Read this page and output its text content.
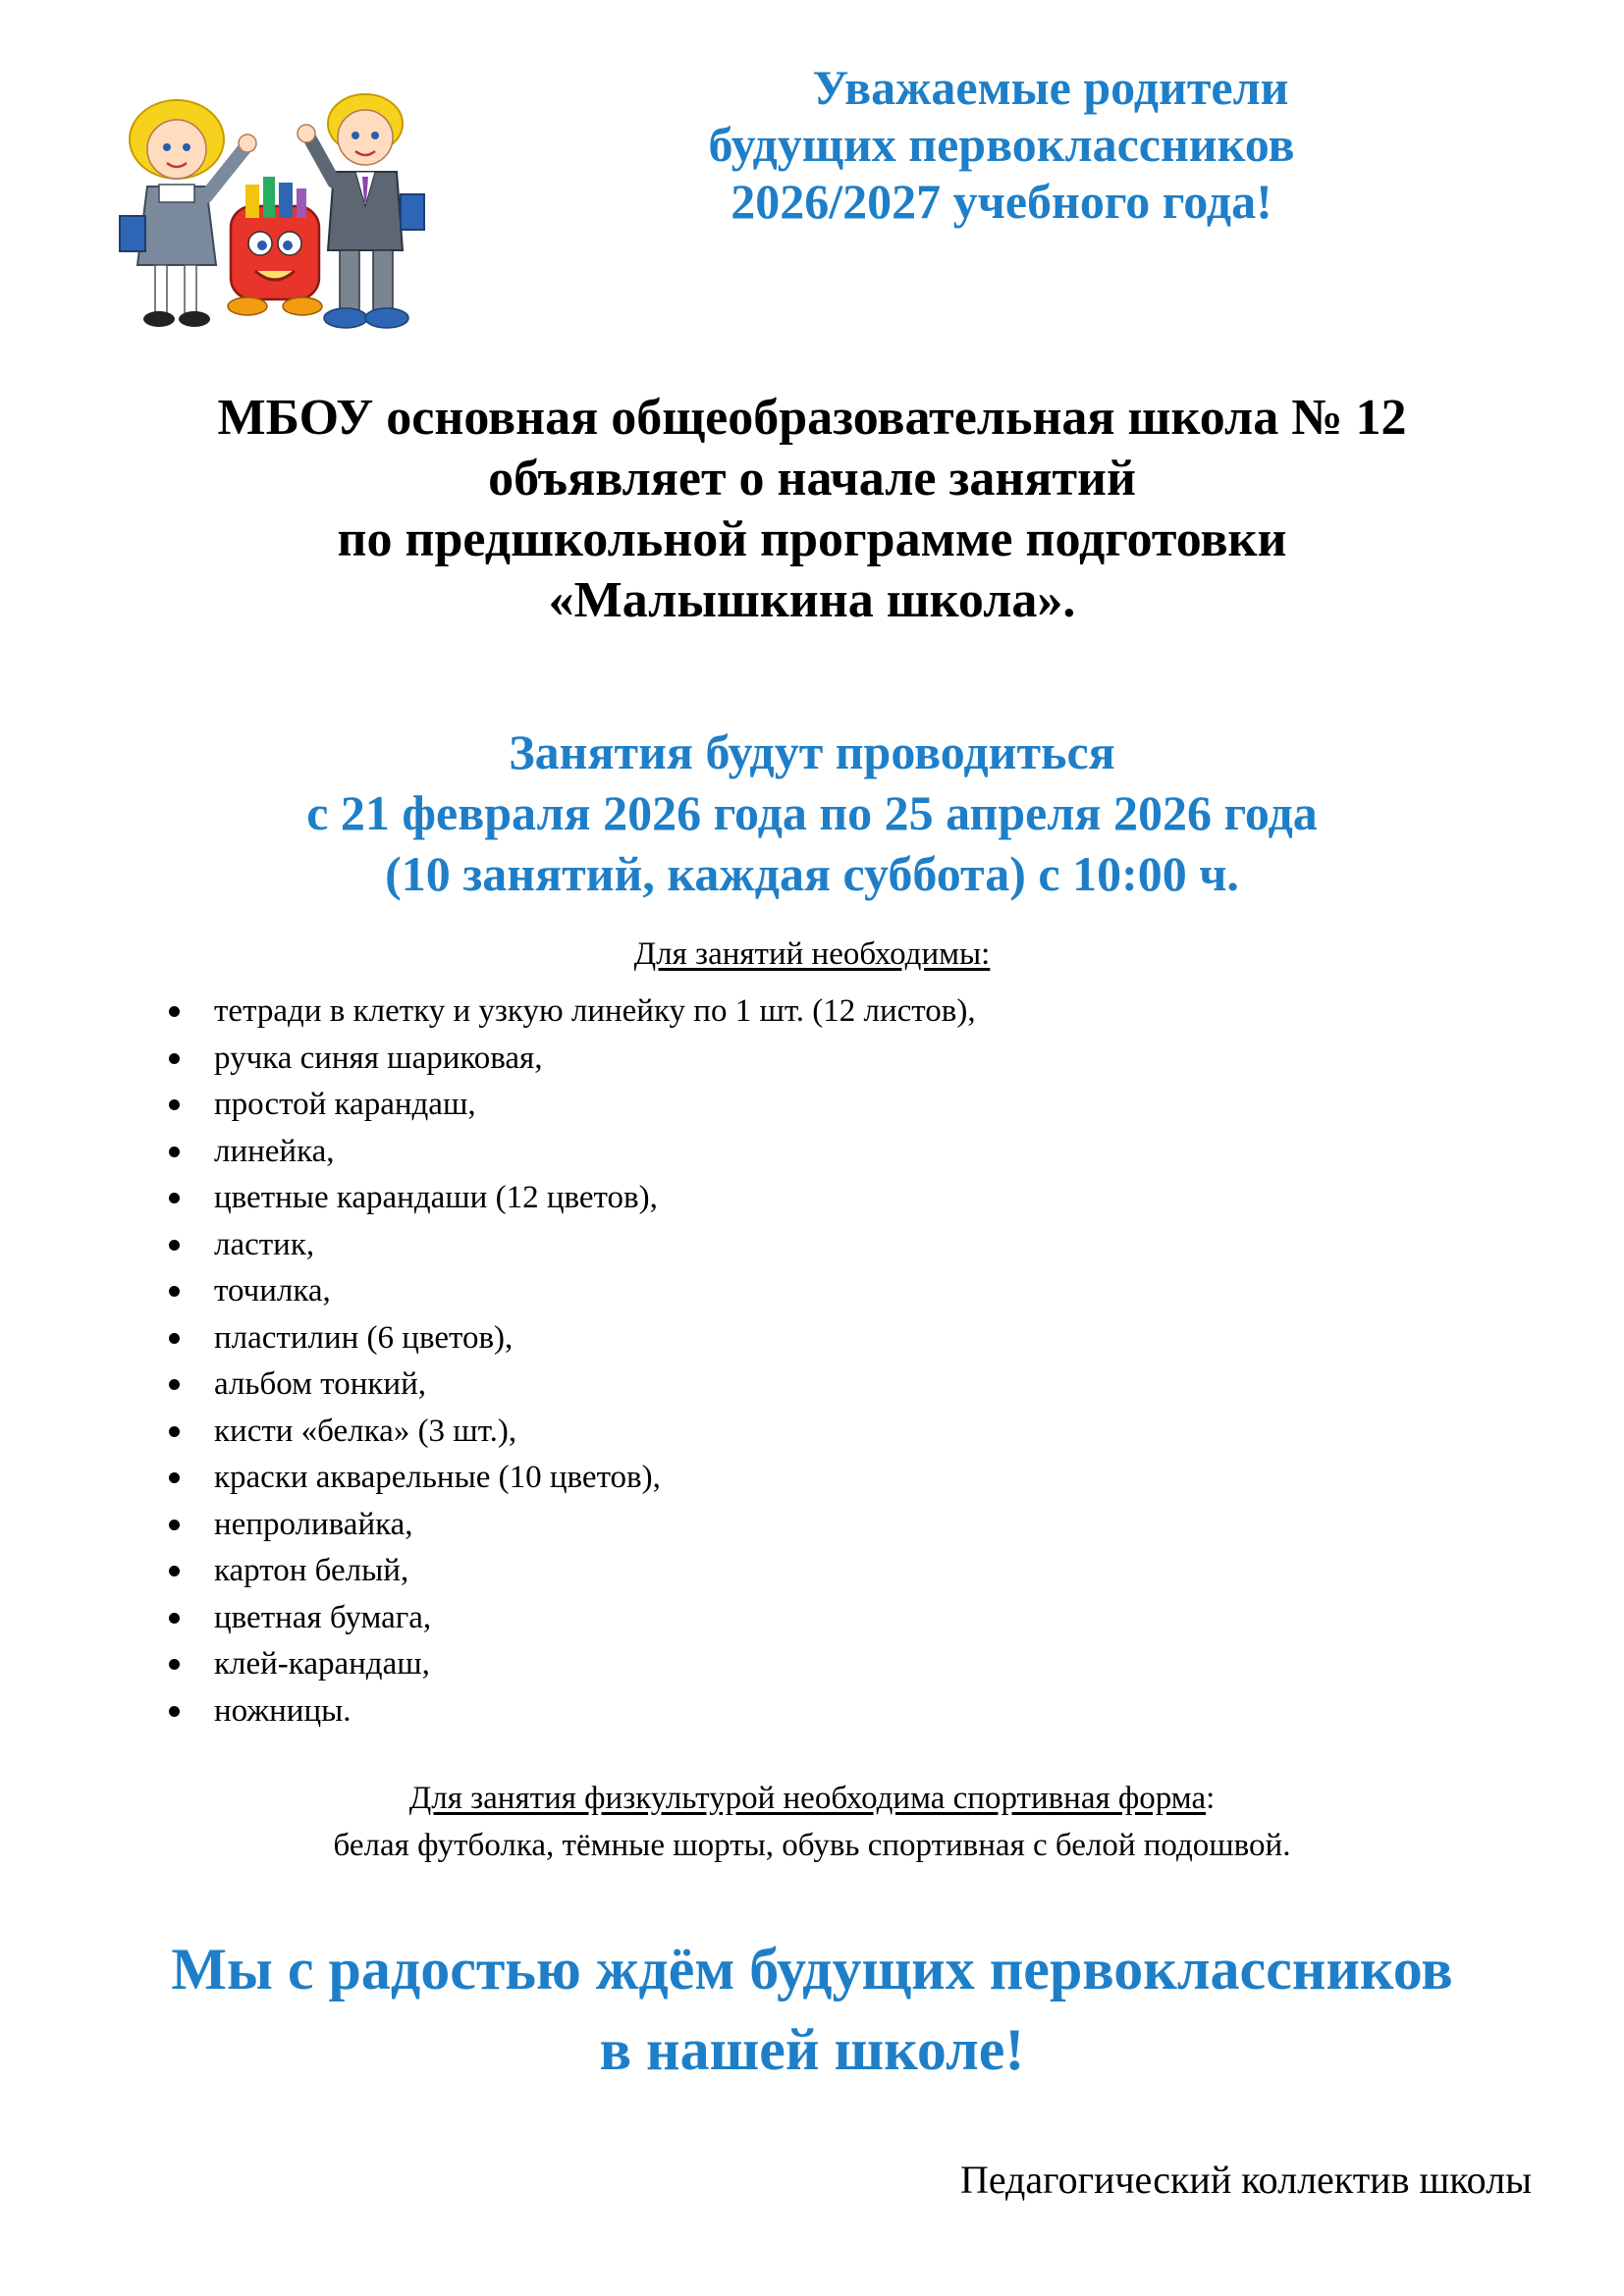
Уважаемые родители
будущих первоклассников
2026/2027 учебного года!
МБОУ основная общеобразовательная школа № 12
объявляет о начале занятий
по предшкольной программе подготовки
«Малышкина школа».
Занятия будут проводиться
с 21 февраля 2026 года по 25 апреля 2026 года
(10 занятий, каждая суббота) с 10:00 ч.
Для занятий необходимы:
тетради в клетку и узкую линейку по 1 шт. (12 листов),
ручка синяя шариковая,
простой карандаш,
линейка,
цветные карандаши (12 цветов),
ластик,
точилка,
пластилин (6 цветов),
альбом тонкий,
кисти «белка» (3 шт.),
краски акварельные (10 цветов),
непроливайка,
картон белый,
цветная бумага,
клей-карандаш,
ножницы.
Для занятия физкультурой необходима спортивная форма:
белая футболка, тёмные шорты, обувь спортивная с белой подошвой.
Мы с радостью ждём будущих первоклассников
в нашей школе!
Педагогический коллектив школы
